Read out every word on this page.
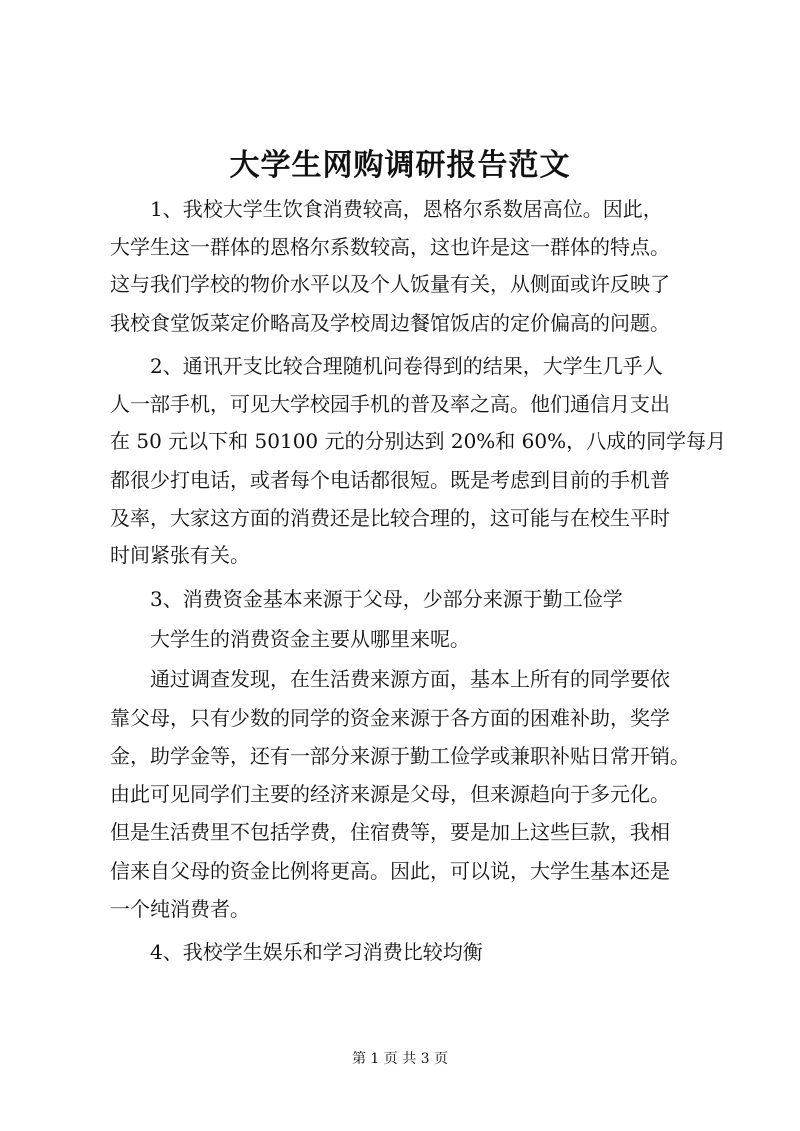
大学生网购调研报告范文
1、我校大学生饮食消费较高，恩格尔系数居高位。因此，
大学生这一群体的恩格尔系数较高，这也许是这一群体的特点。
这与我们学校的物价水平以及个人饭量有关，从侧面或许反映了
我校食堂饭菜定价略高及学校周边餐馆饭店的定价偏高的问题。
2、通讯开支比较合理随机问卷得到的结果，大学生几乎人
人一部手机，可见大学校园手机的普及率之高。他们通信月支出
在 50 元以下和 50100 元的分别达到 20%和 60%，八成的同学每月
都很少打电话，或者每个电话都很短。既是考虑到目前的手机普
及率，大家这方面的消费还是比较合理的，这可能与在校生平时
时间紧张有关。
3、消费资金基本来源于父母，少部分来源于勤工俭学
大学生的消费资金主要从哪里来呢。
通过调查发现，在生活费来源方面，基本上所有的同学要依
靠父母，只有少数的同学的资金来源于各方面的困难补助，奖学
金，助学金等，还有一部分来源于勤工俭学或兼职补贴日常开销。
由此可见同学们主要的经济来源是父母，但来源趋向于多元化。
但是生活费里不包括学费，住宿费等，要是加上这些巨款，我相
信来自父母的资金比例将更高。因此，可以说，大学生基本还是
一个纯消费者。
4、我校学生娱乐和学习消费比较均衡
第 1 页 共 3 页
